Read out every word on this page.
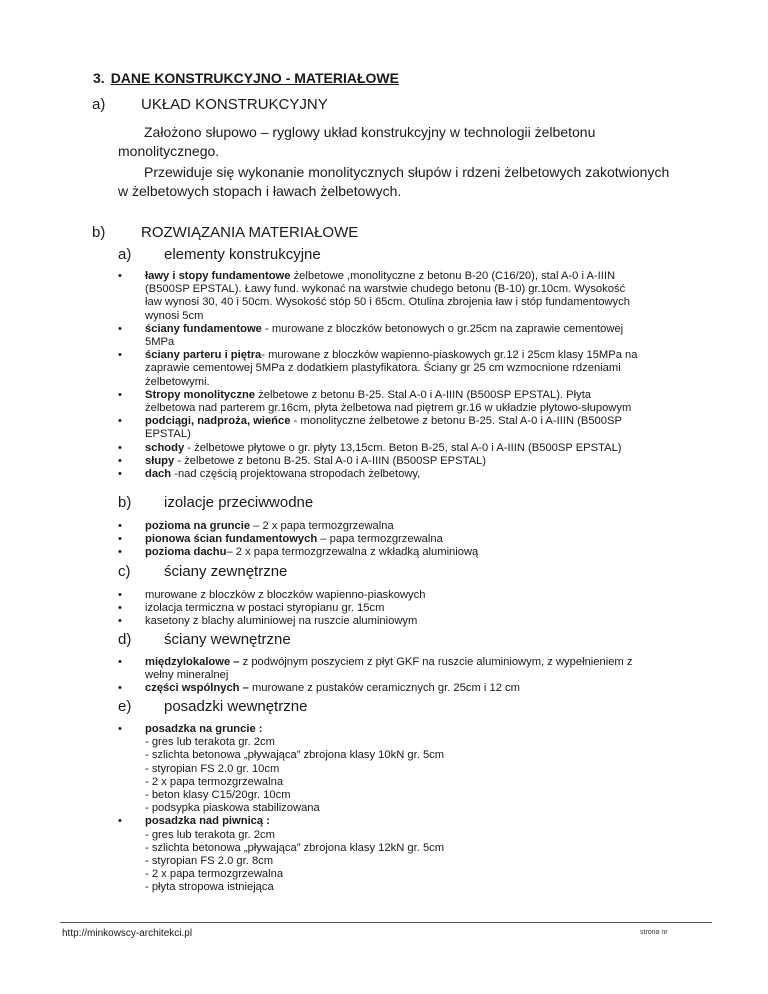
3. DANE KONSTRUKCYJNO - MATERIAŁOWE
a) UKŁAD KONSTRUKCYJNY

Założono słupowo – ryglowy układ konstrukcyjny w technologii żelbetonu monolitycznego.

Przewiduje się wykonanie monolitycznych słupów i rdzeni żelbetowych zakotwionych w żelbetowych stopach i ławach żelbetowych.

b) ROZWIĄZANIA MATERIAŁOWE
a) elementy konstrukcyjne
• ławy i stopy fundamentowe żelbetowe ,monolityczne z betonu B-20 (C16/20), stal A-0 i A-IIIN
(B500SP EPSTAL). Ławy fund. wykonać na warstwie chudego betonu (B-10) gr.10cm. Wysokość
ław wynosi 30, 40 i 50cm. Wysokość stóp 50 i 65cm. Otulina zbrojenia ław i stóp fundamentowych
wynosi 5cm
• ściany fundamentowe - murowane z bloczków betonowych o gr.25cm na zaprawie cementowej
5MPa
• ściany parteru i piętra- murowane z bloczków wapienno-piaskowych gr.12 i 25cm klasy 15MPa na
zaprawie cementowej 5MPa z dodatkiem plastyfikatora. Ściany gr 25 cm wzmocnione rdzeniami
żelbetowymi.
• Stropy monolityczne żelbetowe z betonu B-25. Stal A-0 i A-IIIN (B500SP EPSTAL). Płyta
żelbetowa nad parterem gr.16cm, płyta żelbetowa nad piętrem gr.16 w układzie płytowo-słupowym
• podciągi, nadproża, wieńce - monolityczne żelbetowe z betonu B-25. Stal A-0 i A-IIIN (B500SP
EPSTAL)
• schody - żelbetowe płytowe o gr. płyty 13,15cm. Beton B-25, stal A-0 i A-IIIN (B500SP EPSTAL)
• słupy - żelbetowe z betonu B-25. Stal A-0 i A-IIIN (B500SP EPSTAL)
• dach -nad częścią projektowana stropodach żelbetowy,
b) izolacje przeciwwodne
• pozioma na gruncie – 2 x papa termozgrzewalna
• pionowa ścian fundamentowych – papa termozgrzewalna
• pozioma dachu– 2 x papa termozgrzewalna z wkładką aluminiową
c) ściany zewnętrzne
• murowane z bloczków z bloczków wapienno-piaskowych
• izolacja termiczna w postaci styropianu gr. 15cm
• kasetony z blachy aluminiowej na ruszcie aluminiowym
d) ściany wewnętrzne
• międzylokalowe – z podwójnym poszyciem z płyt GKF na ruszcie aluminiowym, z wypełnieniem z
wełny mineralnej
• części wspólnych – murowane z pustaków ceramicznych gr. 25cm i 12 cm
e) posadzki wewnętrzne
• posadzka na gruncie :
- gres lub terakota gr. 2cm
- szlichta betonowa „pływająca” zbrojona klasy 10kN gr. 5cm
- styropian FS 2.0 gr. 10cm
- 2 x papa termozgrzewalna
- beton klasy C15/20gr. 10cm
- podsypka piaskowa stabilizowana
• posadzka nad piwnicą :
- gres lub terakota gr. 2cm
- szlichta betonowa „pływająca” zbrojona klasy 12kN gr. 5cm
- styropian FS 2.0 gr. 8cm
- 2 x papa termozgrzewalna
- płyta stropowa istniejąca
http://minkowscy-architekci.pl	strona nr
